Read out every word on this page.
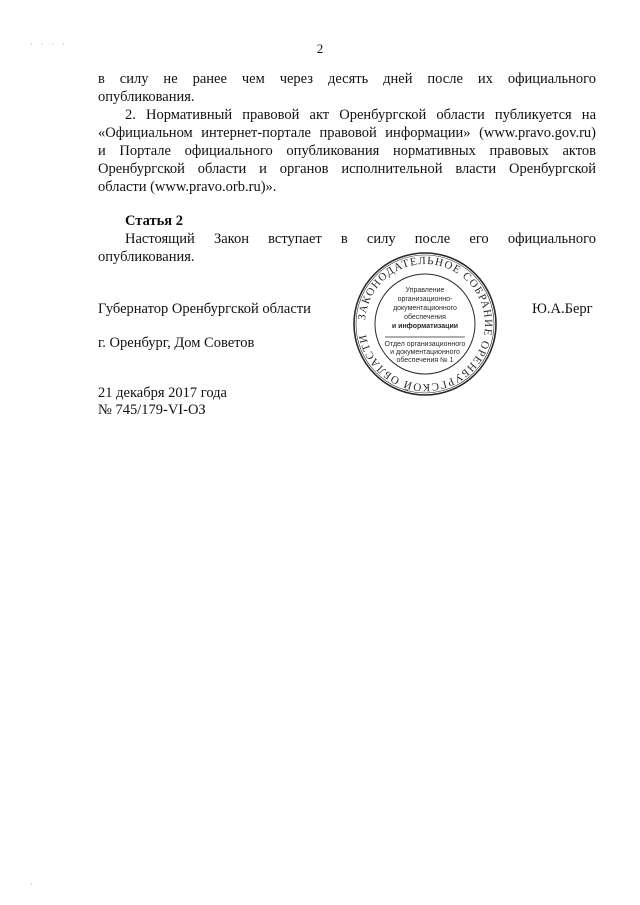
· · · ·
·
2
в силу не ранее чем через десять дней после их официального
опубликования.
2. Нормативный правовой акт Оренбургской области публикуется на
«Официальном интернет-портале правовой информации» (www.pravo.gov.ru)
и Портале официального опубликования нормативных правовых актов
Оренбургской области и органов исполнительной власти Оренбургской
области (www.pravo.orb.ru)».
Статья 2
Настоящий Закон вступает в силу после его официального
опубликования.
Губернатор Оренбургской области	Ю.А.Берг
г. Оренбург, Дом Советов
21 декабря 2017 года
№ 745/179-VI-ОЗ
ЗАКОНОДАТЕЛЬНОЕ СОБРАНИЕ ОРЕНБУРГСКОЙ ОБЛАСТИ
Управление
организационно-
документационного
обеспечения
и информатизации
Отдел организационного
и документационного
обеспечения № 1
